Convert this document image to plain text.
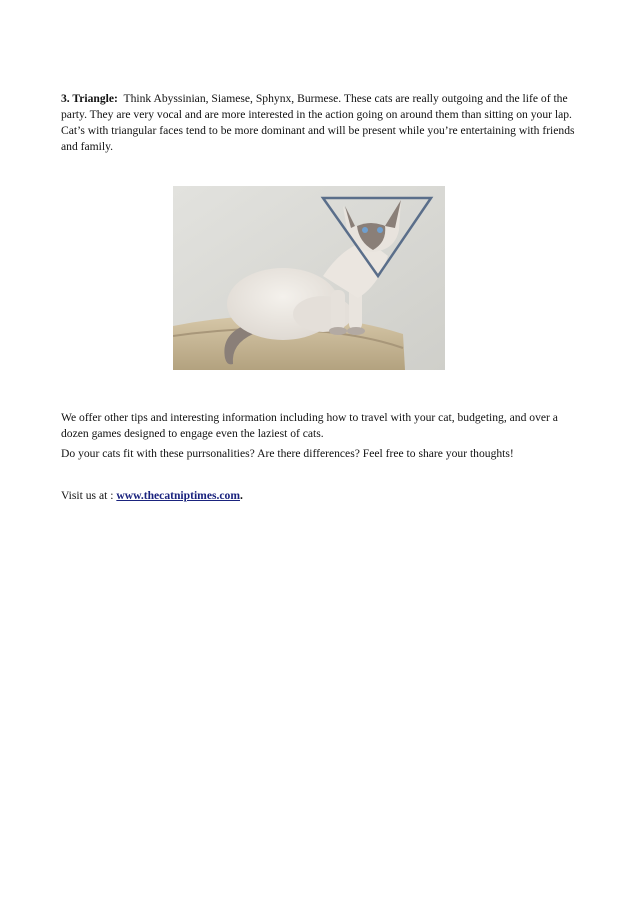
3. Triangle: Think Abyssinian, Siamese, Sphynx, Burmese. These cats are really outgoing and the life of the party. They are very vocal and are more interested in the action going on around them than sitting on your lap. Cat’s with triangular faces tend to be more dominant and will be present while you’re entertaining with friends and family.

We offer other tips and interesting information including how to travel with your cat, budgeting, and over a dozen games designed to engage even the laziest of cats.

Do your cats fit with these purrsonalities? Are there differences? Feel free to share your thoughts!

Visit us at : www.thecatniptimes.com.
